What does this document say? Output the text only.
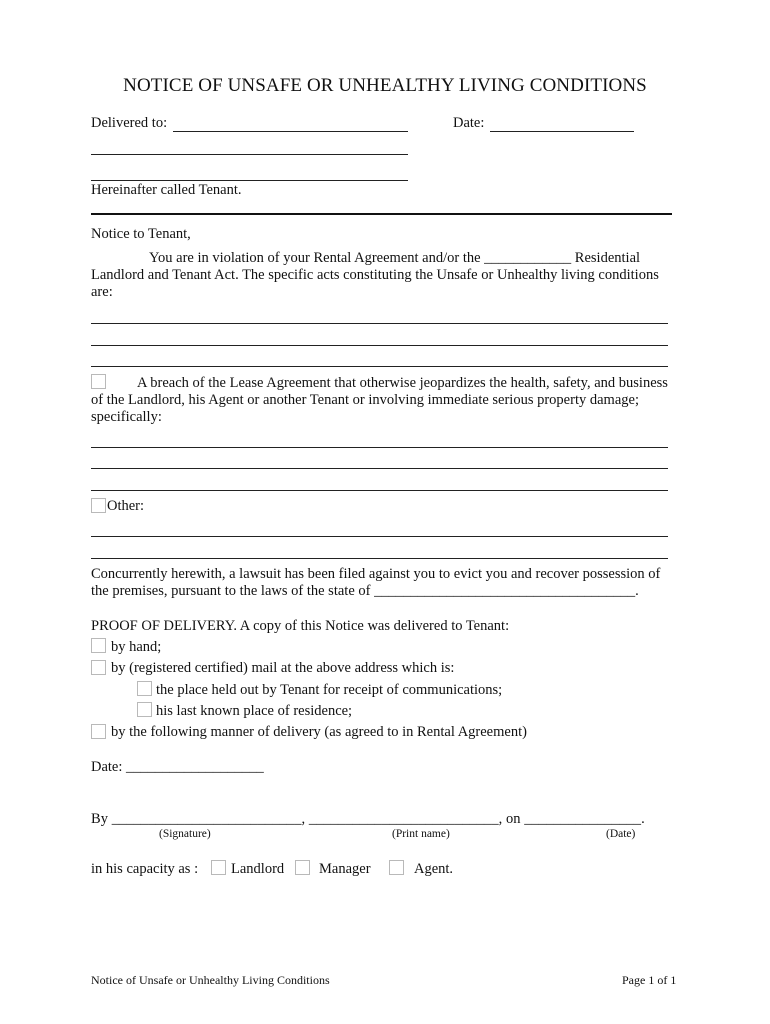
NOTICE OF UNSAFE OR UNHEALTHY LIVING CONDITIONS
Delivered to:	Date:
Hereinafter called Tenant.
Notice to Tenant,
You are in violation of your Rental Agreement and/or the ____________ Residential Landlord and Tenant Act. The specific acts constituting the Unsafe or Unhealthy living conditions are:
A breach of the Lease Agreement that otherwise jeopardizes the health, safety, and business of the Landlord, his Agent or another Tenant or involving immediate serious property damage; specifically:
Other:
Concurrently herewith, a lawsuit has been filed against you to evict you and recover possession of the premises, pursuant to the laws of the state of ____________________________________.
PROOF OF DELIVERY. A copy of this Notice was delivered to Tenant:
by hand;
by (registered certified) mail at the above address which is:
the place held out by Tenant for receipt of communications;
his last known place of residence;
by the following manner of delivery (as agreed to in Rental Agreement)
Date: ___________________
By __________________________, __________________________, on ________________.
(Signature)	(Print name)	(Date)
in his capacity as : Landlord Manager	Agent.
Notice of Unsafe or Unhealthy Living Conditions	Page 1 of 1
